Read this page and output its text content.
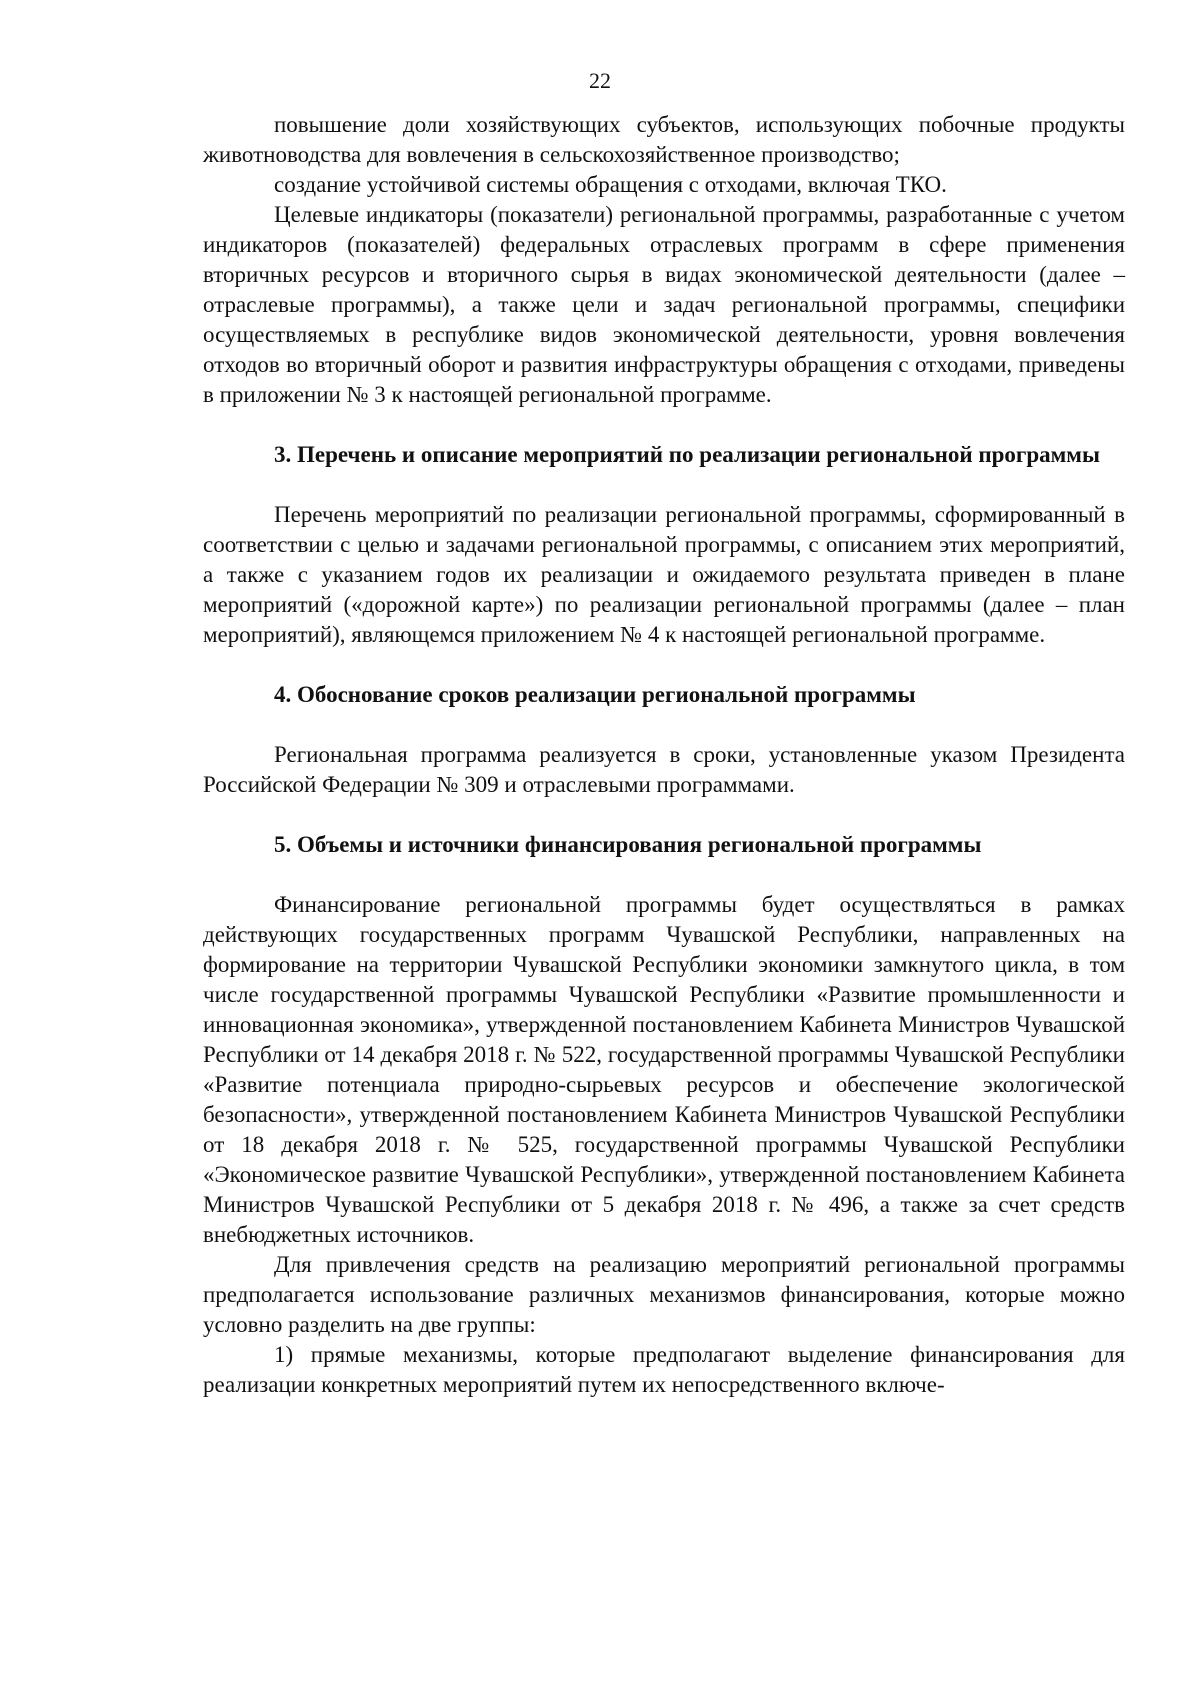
22

повышение доли хозяйствующих субъектов, использующих побочные продукты животноводства для вовлечения в сельскохозяйственное производство;

создание устойчивой системы обращения с отходами, включая ТКО.

Целевые индикаторы (показатели) региональной программы, разработанные с учетом индикаторов (показателей) федеральных отраслевых программ в сфере применения вторичных ресурсов и вторичного сырья в видах экономической деятельности (далее – отраслевые программы), а также цели и задач региональной программы, специфики осуществляемых в республике видов экономической деятельности, уровня вовлечения отходов во вторичный оборот и развития инфраструктуры обращения с отходами, приведены в приложении № 3 к настоящей региональной программе.

3. Перечень и описание мероприятий по реализации региональной программы

Перечень мероприятий по реализации региональной программы, сформированный в соответствии с целью и задачами региональной программы, с описанием этих мероприятий, а также с указанием годов их реализации и ожидаемого результата приведен в плане мероприятий («дорожной карте») по реализации региональной программы (далее – план мероприятий), являющемся приложением № 4 к настоящей региональной программе.

4. Обоснование сроков реализации региональной программы

Региональная программа реализуется в сроки, установленные указом Президента Российской Федерации № 309 и отраслевыми программами.

5. Объемы и источники финансирования региональной программы

Финансирование региональной программы будет осуществляться в рамках действующих государственных программ Чувашской Республики, направленных на формирование на территории Чувашской Республики экономики замкнутого цикла, в том числе государственной программы Чувашской Республики «Развитие промышленности и инновационная экономика», утвержденной постановлением Кабинета Министров Чувашской Республики от 14 декабря 2018 г. № 522, государственной программы Чувашской Республики «Развитие потенциала природно-сырьевых ресурсов и обеспечение экологической безопасности», утвержденной постановлением Кабинета Министров Чувашской Республики от 18 декабря 2018 г. № 525, государственной программы Чувашской Республики «Экономическое развитие Чувашской Республики», утвержденной постановлением Кабинета Министров Чувашской Республики от 5 декабря 2018 г. № 496, а также за счет средств внебюджетных источников.

Для привлечения средств на реализацию мероприятий региональной программы предполагается использование различных механизмов финансирования, которые можно условно разделить на две группы:

1) прямые механизмы, которые предполагают выделение финансирования для реализации конкретных мероприятий путем их непосредственного включе-
